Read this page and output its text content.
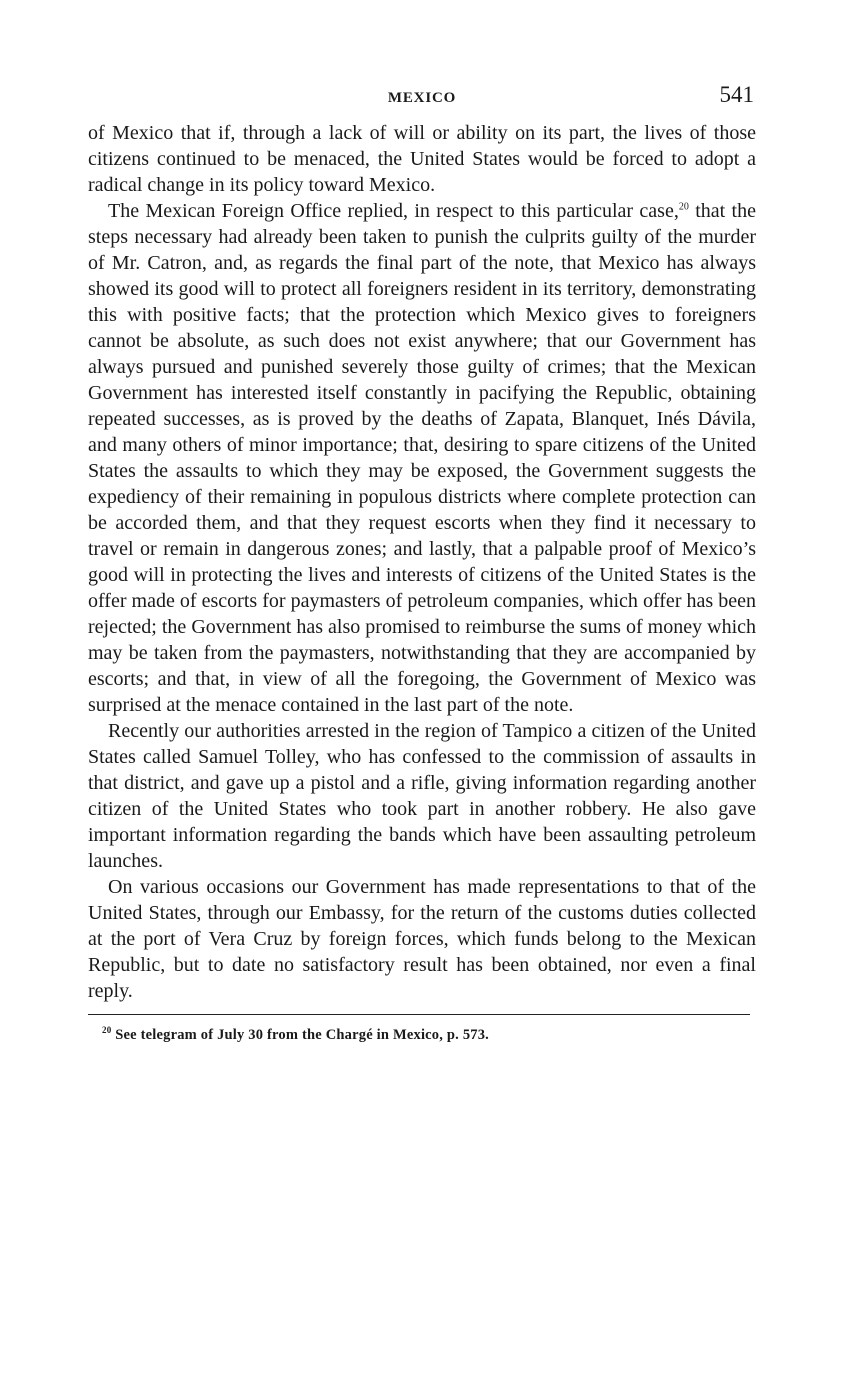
MEXICO	541

of Mexico that if, through a lack of will or ability on its part, the lives of those citizens continued to be menaced, the United States would be forced to adopt a radical change in its policy toward Mexico.

The Mexican Foreign Office replied, in respect to this particular case,$^{20}$ that the steps necessary had already been taken to punish the culprits guilty of the murder of Mr. Catron, and, as regards the final part of the note, that Mexico has always showed its good will to protect all foreigners resident in its territory, demonstrating this with positive facts; that the protection which Mexico gives to foreigners cannot be absolute, as such does not exist anywhere; that our Government has always pursued and punished severely those guilty of crimes; that the Mexican Government has interested itself constantly in pacifying the Republic, obtaining repeated successes, as is proved by the deaths of Zapata, Blanquet, Inés Dávila, and many others of minor importance; that, desiring to spare citizens of the United States the assaults to which they may be exposed, the Government suggests the expediency of their remaining in populous districts where complete protection can be accorded them, and that they request escorts when they find it necessary to travel or remain in dangerous zones; and lastly, that a palpable proof of Mexico’s good will in protecting the lives and interests of citizens of the United States is the offer made of escorts for paymasters of petroleum companies, which offer has been rejected; the Government has also promised to reimburse the sums of money which may be taken from the paymasters, notwithstanding that they are accompanied by escorts; and that, in view of all the foregoing, the Government of Mexico was surprised at the menace contained in the last part of the note.

Recently our authorities arrested in the region of Tampico a citizen of the United States called Samuel Tolley, who has confessed to the commission of assaults in that district, and gave up a pistol and a rifle, giving information regarding another citizen of the United States who took part in another robbery. He also gave important information regarding the bands which have been assaulting petroleum launches.

On various occasions our Government has made representations to that of the United States, through our Embassy, for the return of the customs duties collected at the port of Vera Cruz by foreign forces, which funds belong to the Mexican Republic, but to date no satisfactory result has been obtained, nor even a final reply.

$^{20}$ See telegram of July 30 from the Chargé in Mexico, p. 573.
